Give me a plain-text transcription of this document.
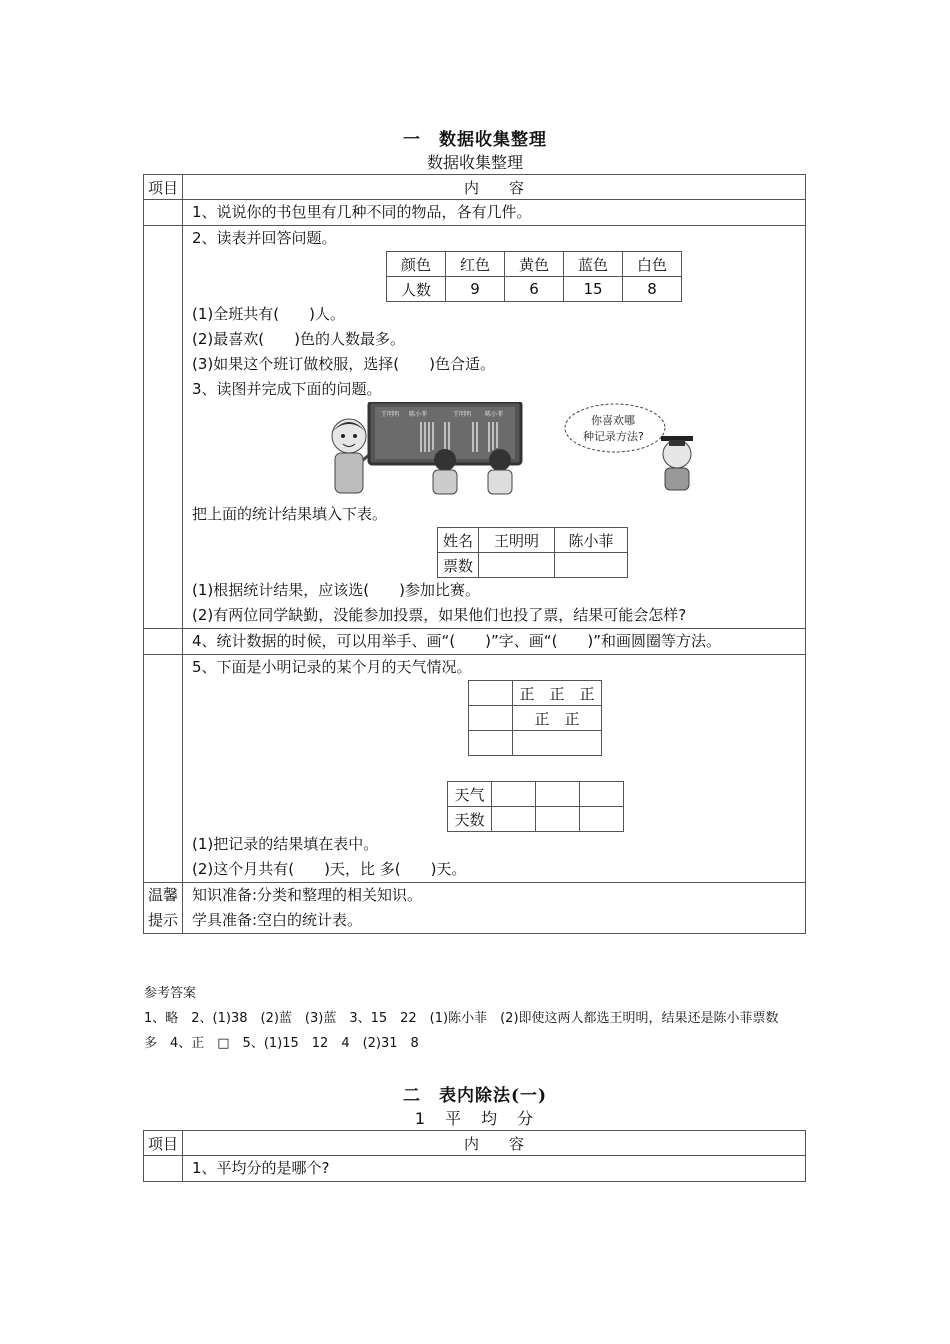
一　数据收集整理
数据收集整理
项目	内　　容

1、说说你的书包里有几种不同的物品，各有几件。

2、读表并回答问题。
颜色	红色	黄色	蓝色	白色
人数	9	6	15	8
(1)全班共有(　　)人。
(2)最喜欢(　　)色的人数最多。
(3)如果这个班订做校服，选择(　　)色合适。
3、读图并完成下面的问题。
王明明 陈小菲	王明明 陈小菲	你喜欢哪
种记录方法?
把上面的统计结果填入下表。
姓名	王明明	陈小菲
票数		
(1)根据统计结果，应该选(　　)参加比赛。
(2)有两位同学缺勤，没能参加投票，如果他们也投了票，结果可能会怎样?

4、统计数据的时候，可以用举手、画“(　　)”字、画“(　　)”和画圆圈等方法。

5、下面是小明记录的某个月的天气情况。
	正　正　正
	正　正

天气			
天数			
(1)把记录的结果填在表中。
(2)这个月共有(　　)天，比 多(　　)天。

温馨
提示

知识准备:分类和整理的相关知识。
学具准备:空白的统计表。
参考答案
1、略　2、(1)38　(2)蓝　(3)蓝　3、15　22　(1)陈小菲　(2)即使这两人都选王明明，结果还是陈小菲票数
多　4、正　□　5、(1)15　12　4　(2)31　8
二　表内除法(一)
1　平　均　分
项目	内　　容

	1、平均分的是哪个?
